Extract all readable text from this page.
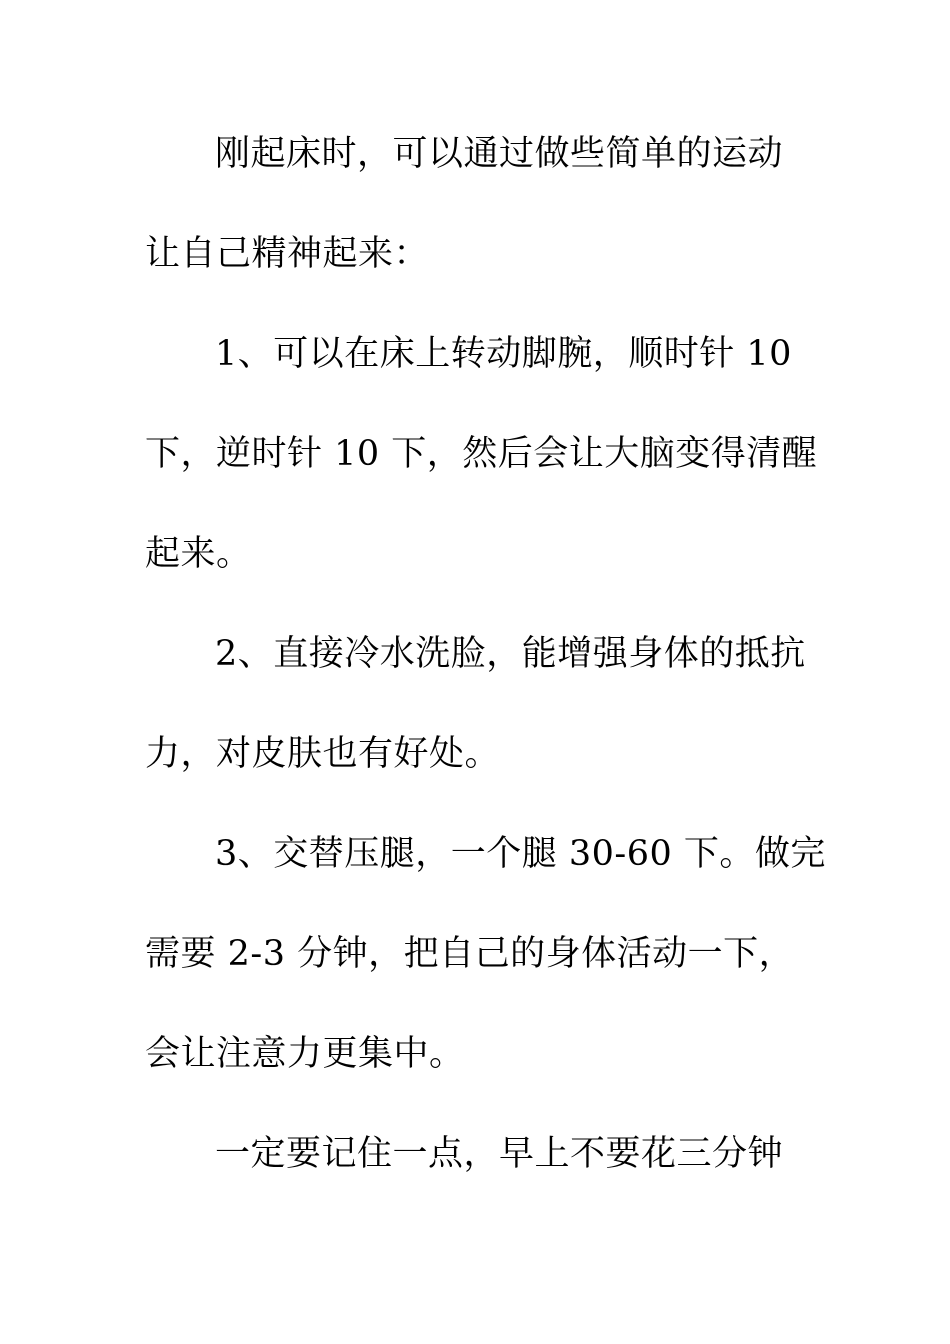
刚起床时，可以通过做些简单的运动
让自己精神起来：
1、可以在床上转动脚腕，顺时针 10
下，逆时针 10 下，然后会让大脑变得清醒
起来。
2、直接冷水洗脸，能增强身体的抵抗
力，对皮肤也有好处。
3、交替压腿，一个腿 30-60 下。做完
需要 2-3 分钟，把自己的身体活动一下，
会让注意力更集中。
一定要记住一点，早上不要花三分钟
